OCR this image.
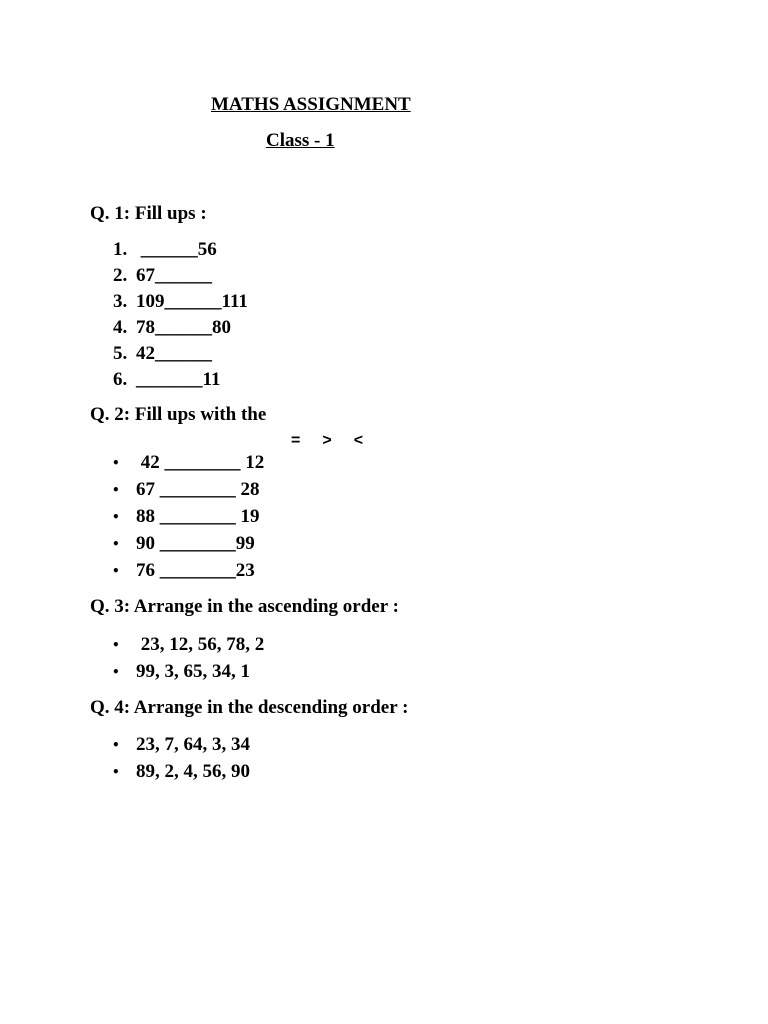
MATHS ASSIGNMENT
Class - 1
Q. 1: Fill ups :
1. ______56
2. 67______
3. 109______111
4. 78______80
5. 42______
6. _______11
Q. 2: Fill ups with the
= > <
• 42 ________ 12
• 67 ________ 28
• 88 ________ 19
• 90 ________99
• 76 ________23
Q. 3: Arrange in the ascending order :
• 23, 12, 56, 78, 2
• 99, 3, 65, 34, 1
Q. 4: Arrange in the descending order :
• 23, 7, 64, 3, 34
• 89, 2, 4, 56, 90
